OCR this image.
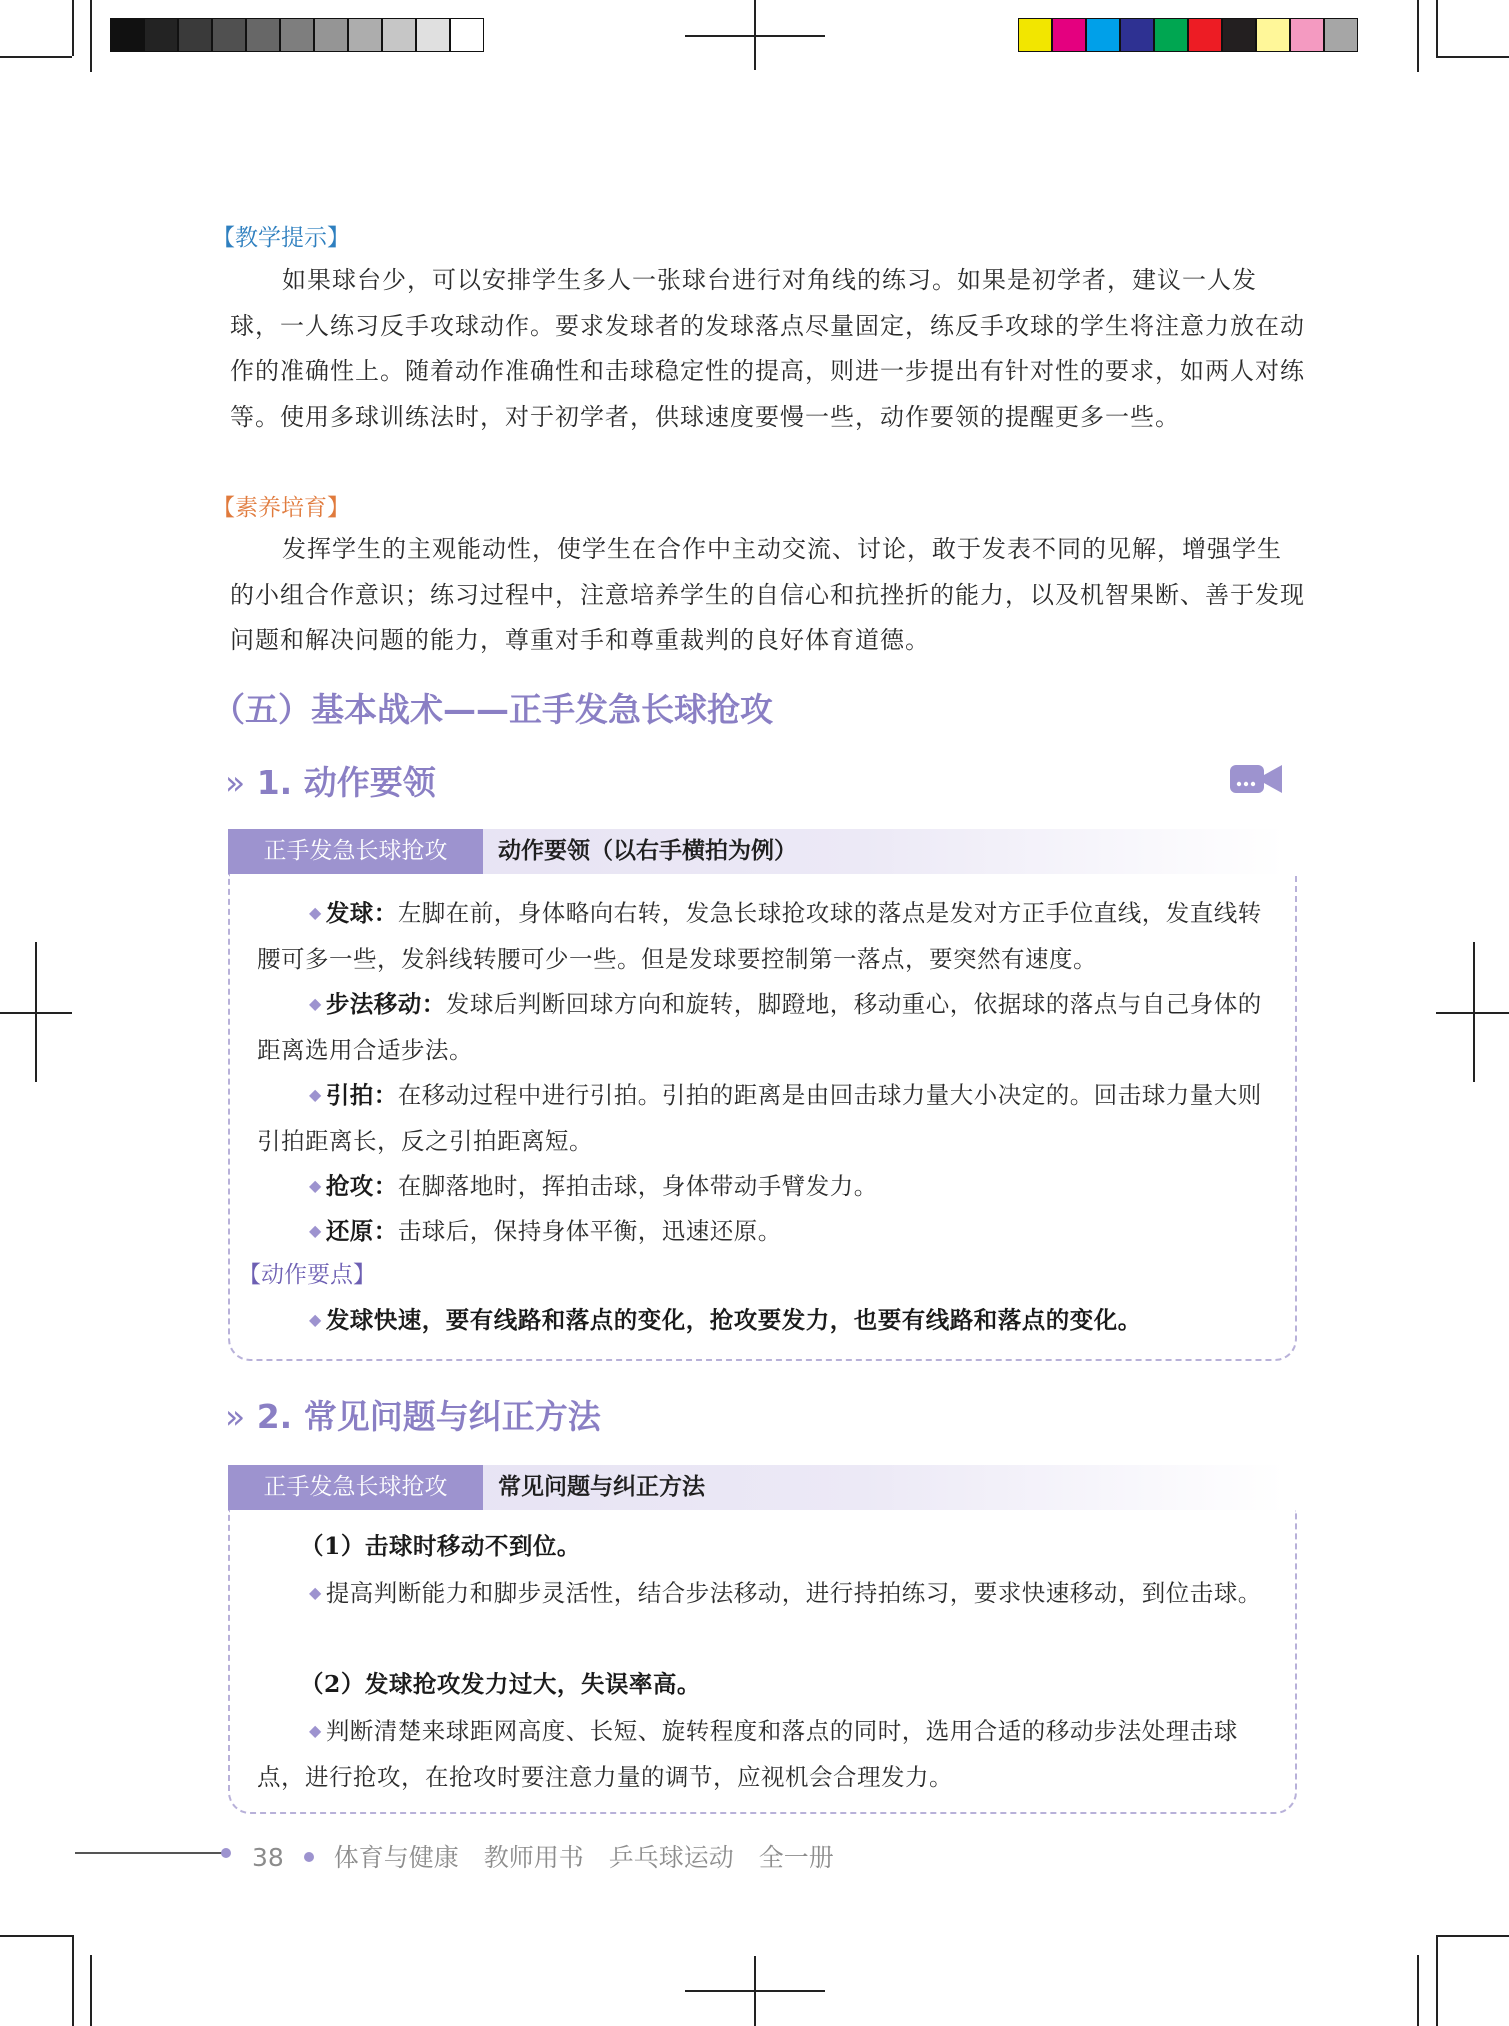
【教学提示】
如果球台少，可以安排学生多人一张球台进行对角线的练习。如果是初学者，建议一人发球，一人练习反手攻球动作。要求发球者的发球落点尽量固定，练反手攻球的学生将注意力放在动作的准确性上。随着动作准确性和击球稳定性的提高，则进一步提出有针对性的要求，如两人对练等。使用多球训练法时，对于初学者，供球速度要慢一些，动作要领的提醒更多一些。
【素养培育】
发挥学生的主观能动性，使学生在合作中主动交流、讨论，敢于发表不同的见解，增强学生的小组合作意识；练习过程中，注意培养学生的自信心和抗挫折的能力，以及机智果断、善于发现问题和解决问题的能力，尊重对手和尊重裁判的良好体育道德。
（五）基本战术——正手发急长球抢攻
» 1. 动作要领
正手发急长球抢攻	动作要领（以右手横拍为例）
◆ 发球：左脚在前，身体略向右转，发急长球抢攻球的落点是发对方正手位直线，发直线转腰可多一些，发斜线转腰可少一些。但是发球要控制第一落点，要突然有速度。
◆ 步法移动：发球后判断回球方向和旋转，脚蹬地，移动重心，依据球的落点与自己身体的距离选用合适步法。
◆ 引拍：在移动过程中进行引拍。引拍的距离是由回击球力量大小决定的。回击球力量大则引拍距离长，反之引拍距离短。
◆ 抢攻：在脚落地时，挥拍击球，身体带动手臂发力。
◆ 还原：击球后，保持身体平衡，迅速还原。
【动作要点】
◆ 发球快速，要有线路和落点的变化，抢攻要发力，也要有线路和落点的变化。
» 2. 常见问题与纠正方法
正手发急长球抢攻	常见问题与纠正方法
（1）击球时移动不到位。
◆ 提高判断能力和脚步灵活性，结合步法移动，进行持拍练习，要求快速移动，到位击球。
（2）发球抢攻发力过大，失误率高。
◆ 判断清楚来球距网高度、长短、旋转程度和落点的同时，选用合适的移动步法处理击球点，进行抢攻，在抢攻时要注意力量的调节，应视机会合理发力。
38 体育与健康　教师用书　乒乓球运动　全一册
